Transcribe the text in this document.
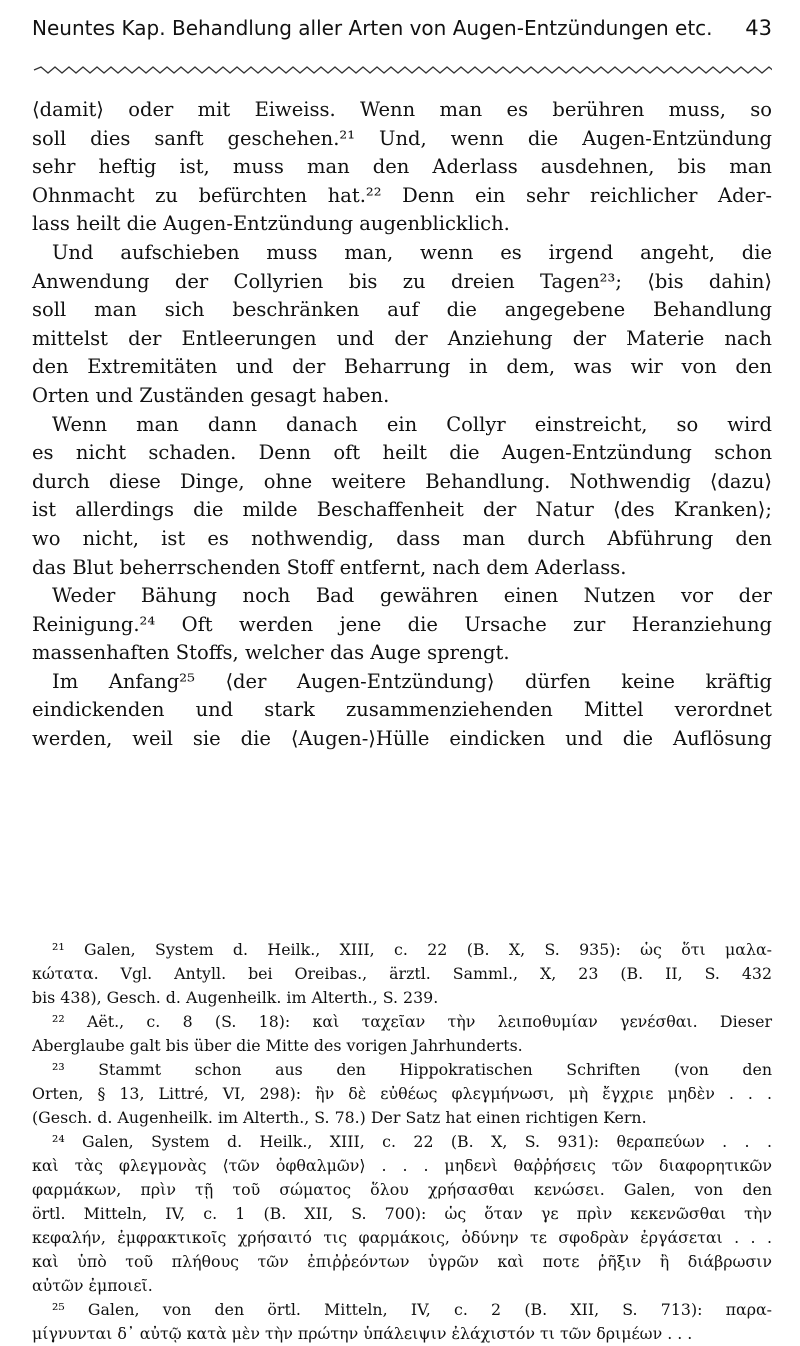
Neuntes Kap. Behandlung aller Arten von Augen-Entzündungen etc. 43
⟨damit⟩ oder mit Eiweiss. Wenn man es berühren muss, so
soll dies sanft geschehen.²¹ Und, wenn die Augen-Entzündung
sehr heftig ist, muss man den Aderlass ausdehnen, bis man
Ohnmacht zu befürchten hat.²² Denn ein sehr reichlicher Ader-
lass heilt die Augen-Entzündung augenblicklich.
Und aufschieben muss man, wenn es irgend angeht, die
Anwendung der Collyrien bis zu dreien Tagen²³; ⟨bis dahin⟩
soll man sich beschränken auf die angegebene Behandlung
mittelst der Entleerungen und der Anziehung der Materie nach
den Extremitäten und der Beharrung in dem, was wir von den
Orten und Zuständen gesagt haben.
Wenn man dann danach ein Collyr einstreicht, so wird
es nicht schaden. Denn oft heilt die Augen-Entzündung schon
durch diese Dinge, ohne weitere Behandlung. Nothwendig ⟨dazu⟩
ist allerdings die milde Beschaffenheit der Natur ⟨des Kranken⟩;
wo nicht, ist es nothwendig, dass man durch Abführung den
das Blut beherrschenden Stoff entfernt, nach dem Aderlass.
Weder Bähung noch Bad gewähren einen Nutzen vor der
Reinigung.²⁴ Oft werden jene die Ursache zur Heranziehung
massenhaften Stoffs, welcher das Auge sprengt.
Im Anfang²⁵ ⟨der Augen-Entzündung⟩ dürfen keine kräftig
eindickenden und stark zusammenziehenden Mittel verordnet
werden, weil sie die ⟨Augen-⟩Hülle eindicken und die Auflösung
²¹ Galen, System d. Heilk., XIII, c. 22 (B. X, S. 935): ὡς ὅτι μαλα-
κώτατα. Vgl. Antyll. bei Oreibas., ärztl. Samml., X, 23 (B. II, S. 432
bis 438), Gesch. d. Augenheilk. im Alterth., S. 239.
²² Aët., c. 8 (S. 18): καὶ ταχεῖαν τὴν λειποθυμίαν γενέσθαι. Dieser
Aberglaube galt bis über die Mitte des vorigen Jahrhunderts.
²³ Stammt schon aus den Hippokratischen Schriften (von den
Orten, § 13, Littré, VI, 298): ἢν δὲ εὐθέως φλεγμήνωσι, μὴ ἔγχριε μηδὲν . . .
(Gesch. d. Augenheilk. im Alterth., S. 78.) Der Satz hat einen richtigen Kern.
²⁴ Galen, System d. Heilk., XIII, c. 22 (B. X, S. 931): θεραπεύων . . .
καὶ τὰς φλεγμονὰς ⟨τῶν ὀφθαλμῶν⟩ . . . μηδενὶ θαῤῥήσεις τῶν διαφορητικῶν
φαρμάκων, πρὶν τῇ τοῦ σώματος ὅλου χρήσασθαι κενώσει. Galen, von den
örtl. Mitteln, IV, c. 1 (B. XII, S. 700): ὡς ὅταν γε πρὶν κεκενῶσθαι τὴν
κεφαλήν, ἐμφρακτικοῖς χρήσαιτό τις φαρμάκοις, ὀδύνην τε σφοδρὰν ἐργάσεται . . .
καὶ ὑπὸ τοῦ πλήθους τῶν ἐπιῤῥεόντων ὑγρῶν καὶ ποτε ῥῆξιν ἢ διάβρωσιν
αὐτῶν ἐμποιεῖ.
²⁵ Galen, von den örtl. Mitteln, IV, c. 2 (B. XII, S. 713): παρα-
μίγνυνται δ᾽ αὐτῷ κατὰ μὲν τὴν πρώτην ὑπάλειψιν ἐλάχιστόν τι τῶν δριμέων . . .
